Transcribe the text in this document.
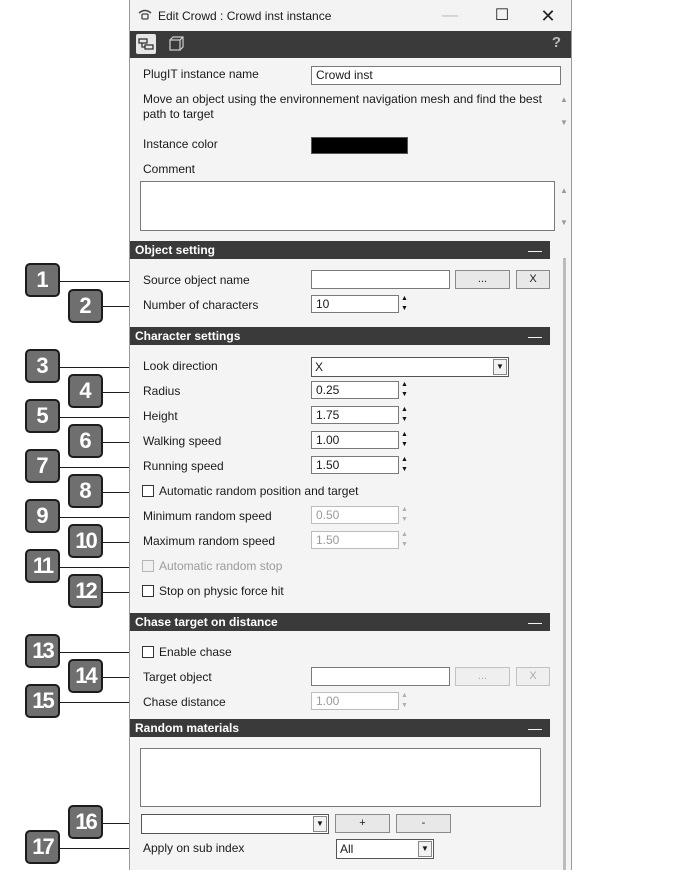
1
2
3
4
5
6
7
8
9
10
11
12
13
14
15
16
17
Edit Crowd : Crowd inst instance	—	☐	✕
?
PlugIT instance name	Crowd inst
Move an object using the environnement navigation mesh and find the best path to target
▲
▼
Instance color
Comment
▲
▼
Object setting	—
Source object name	...	X
Number of characters	10	▲
▼
Character settings	—
Look direction	X	▼
Radius	0.25	▲
▼
Height	1.75	▲
▼
Walking speed	1.00	▲
▼
Running speed	1.50	▲
▼
Automatic random position and target
Minimum random speed	0.50	▲
▼
Maximum random speed	1.50	▲
▼
Automatic random stop
Stop on physic force hit
Chase target on distance	—
Enable chase
Target object	...	X
Chase distance	1.00	▲
▼
Random materials	—
▼	+	-
Apply on sub index	All	▼
